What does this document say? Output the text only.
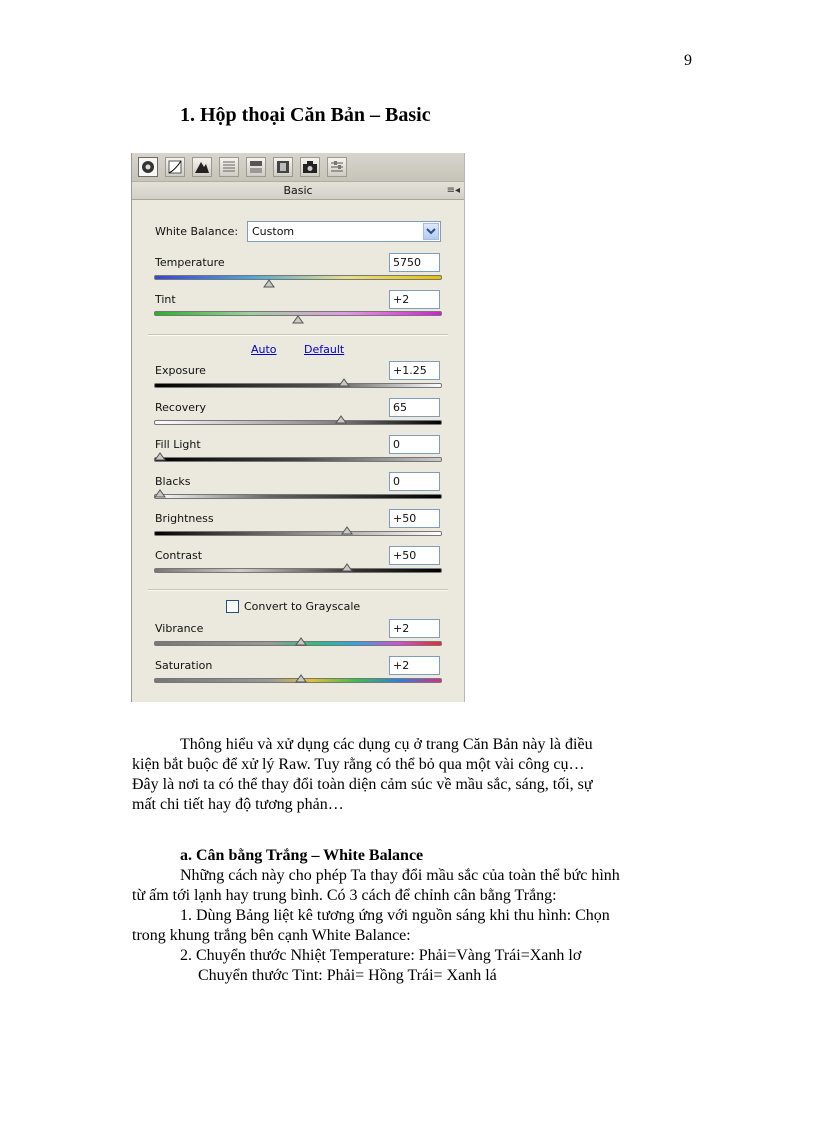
9
1. Hộp thoại Căn Bản – Basic
Basic	≡◂
White Balance:	Custom
Temperature	5750
Tint	+2
Auto Default
Exposure	+1.25
Recovery	65
Fill Light	0
Blacks	0
Brightness	+50
Contrast	+50
Convert to Grayscale
Vibrance	+2
Saturation	+2
Thông hiểu và xử dụng các dụng cụ ở trang Căn Bản này là điều
kiện bắt buộc để xử lý Raw. Tuy rằng có thể bỏ qua một vài công cụ…
Đây là nơi ta có thể thay đổi toàn diện cảm súc về mầu sắc, sáng, tối, sự
mất chi tiết hay độ tương phản…
a. Cân bằng Trắng – White Balance
Những cách này cho phép Ta thay đổi mầu sắc của toàn thể bức hình
từ ấm tới lạnh hay trung bình. Có 3 cách để chỉnh cân bằng Trắng:
1. Dùng Bảng liệt kê tương ứng với nguồn sáng khi thu hình: Chọn
trong khung trắng bên cạnh White Balance:
2. Chuyển thước Nhiệt Temperature: Phải=Vàng Trái=Xanh lơ
Chuyển thước Tint: Phải= Hồng Trái= Xanh lá
